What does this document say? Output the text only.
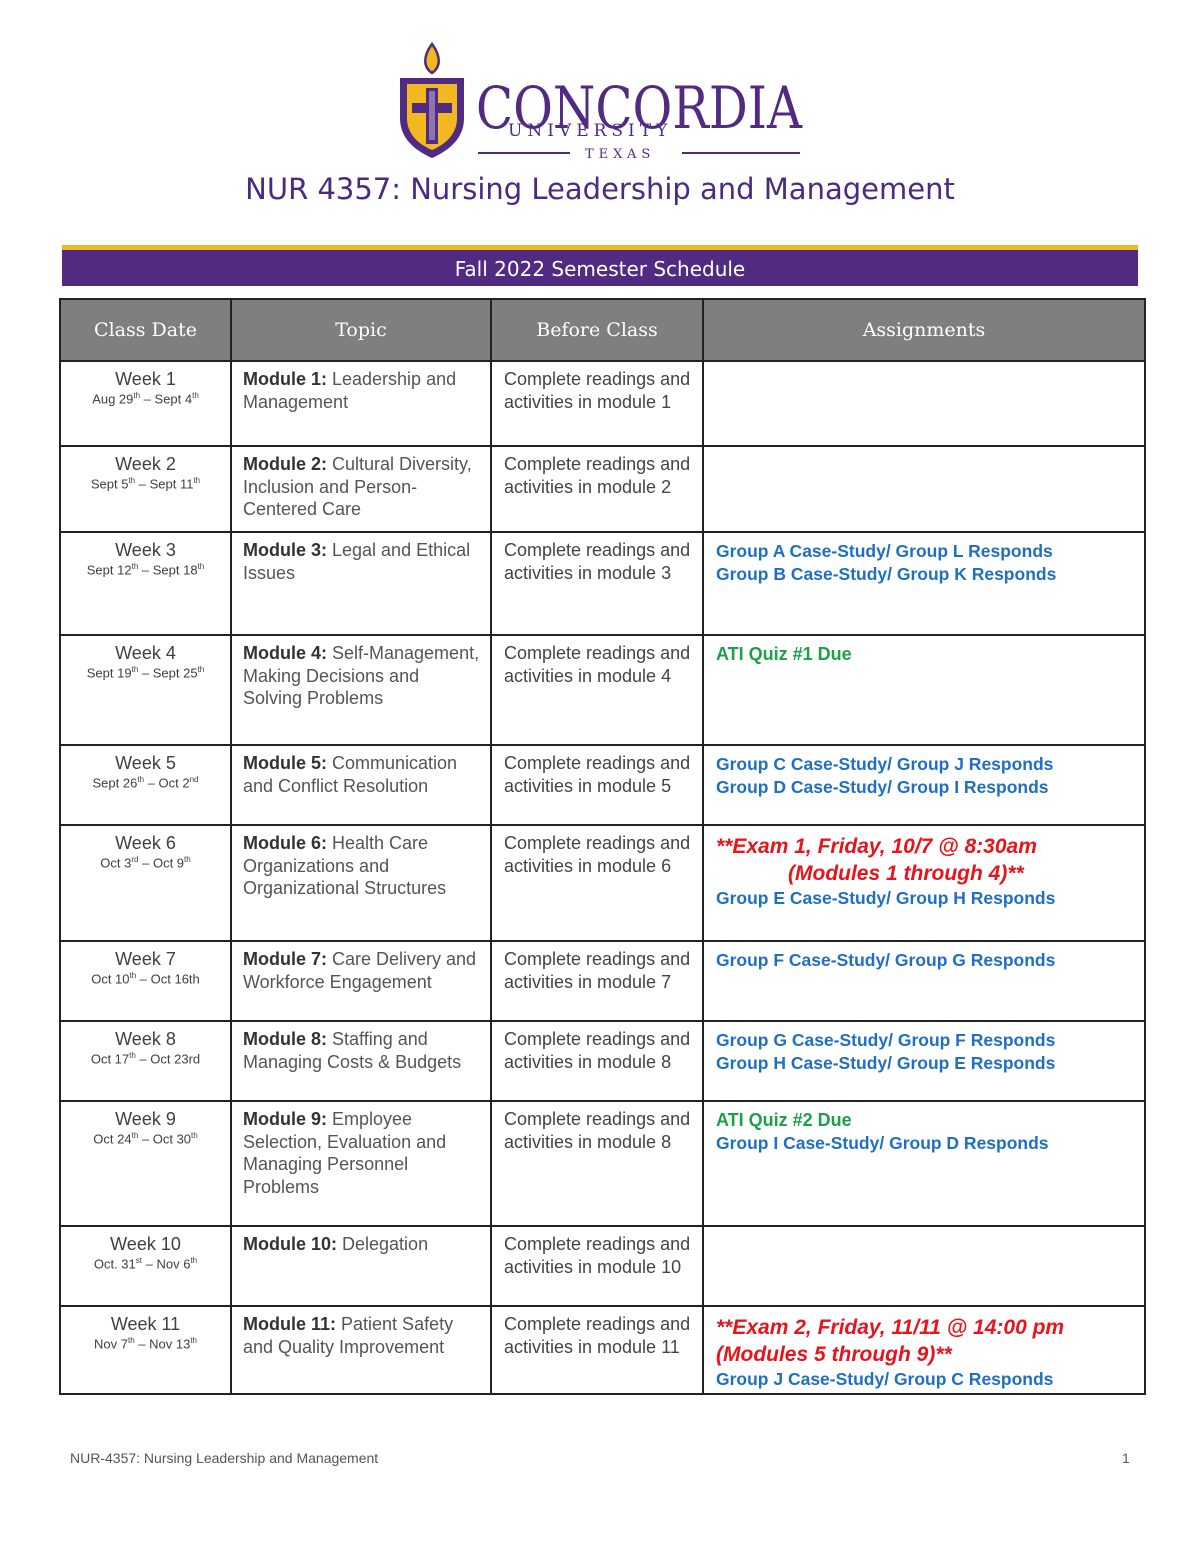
CONCORDIA
UNIVERSITY
TEXAS
NUR 4357: Nursing Leadership and Management
Fall 2022 Semester Schedule
Class Date	Topic	Before Class	Assignments

Week 1
Aug 29th – Sept 4th	Module 1: Leadership and Management	Complete readings and activities in module 1	

Week 2
Sept 5th – Sept 11th	Module 2: Cultural Diversity, Inclusion and Person-Centered Care	Complete readings and activities in module 2	

Week 3
Sept 12th – Sept 18th	Module 3: Legal and Ethical Issues	Complete readings and activities in module 3	Group A Case-Study/ Group L Responds
Group B Case-Study/ Group K Responds

Week 4
Sept 19th – Sept 25th	Module 4: Self-Management, Making Decisions and Solving Problems	Complete readings and activities in module 4	ATI Quiz #1 Due

Week 5
Sept 26th – Oct 2nd	Module 5: Communication and Conflict Resolution	Complete readings and activities in module 5	Group C Case-Study/ Group J Responds
Group D Case-Study/ Group I Responds

Week 6
Oct 3rd – Oct 9th	Module 6: Health Care Organizations and Organizational Structures	Complete readings and activities in module 6	**Exam 1, Friday, 10/7 @ 8:30am
(Modules 1 through 4)**
Group E Case-Study/ Group H Responds

Week 7
Oct 10th – Oct 16th	Module 7: Care Delivery and Workforce Engagement	Complete readings and activities in module 7	Group F Case-Study/ Group G Responds

Week 8
Oct 17th – Oct 23rd	Module 8: Staffing and Managing Costs & Budgets	Complete readings and activities in module 8	Group G Case-Study/ Group F Responds
Group H Case-Study/ Group E Responds

Week 9
Oct 24th – Oct 30th	Module 9: Employee Selection, Evaluation and Managing Personnel Problems	Complete readings and activities in module 8	ATI Quiz #2 Due
Group I Case-Study/ Group D Responds

Week 10
Oct. 31st – Nov 6th	Module 10: Delegation	Complete readings and activities in module 10	

Week 11
Nov 7th – Nov 13th	Module 11: Patient Safety and Quality Improvement	Complete readings and activities in module 11	**Exam 2, Friday, 11/11 @ 14:00 pm
(Modules 5 through 9)**
Group J Case-Study/ Group C Responds
NUR-4357: Nursing Leadership and Management	1
